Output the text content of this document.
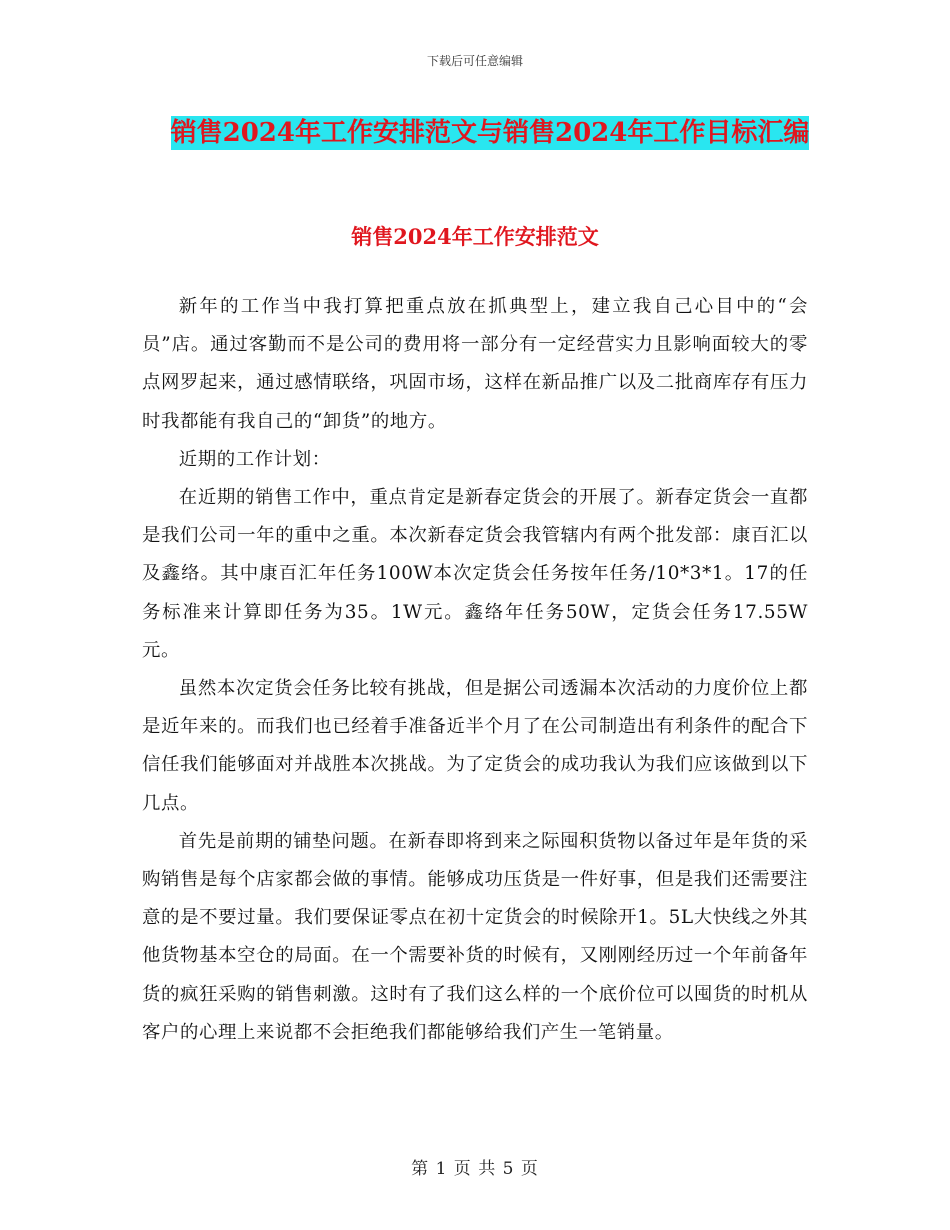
下载后可任意编辑
销售2024年工作安排范文与销售2024年工作目标汇编
销售2024年工作安排范文

新年的工作当中我打算把重点放在抓典型上，建立我自己心目中的“会员”店。通过客勤而不是公司的费用将一部分有一定经营实力且影响面较大的零点网罗起来，通过感情联络，巩固市场，这样在新品推广以及二批商库存有压力时我都能有我自己的“卸货”的地方。

近期的工作计划：

在近期的销售工作中，重点肯定是新春定货会的开展了。新春定货会一直都是我们公司一年的重中之重。本次新春定货会我管辖内有两个批发部：康百汇以及鑫络。其中康百汇年任务100W本次定货会任务按年任务/10*3*1。17的任务标准来计算即任务为35。1W元。鑫络年任务50W，定货会任务17.55W元。

虽然本次定货会任务比较有挑战，但是据公司透漏本次活动的力度价位上都是近年来的。而我们也已经着手准备近半个月了在公司制造出有利条件的配合下信任我们能够面对并战胜本次挑战。为了定货会的成功我认为我们应该做到以下几点。

首先是前期的铺垫问题。在新春即将到来之际囤积货物以备过年是年货的采购销售是每个店家都会做的事情。能够成功压货是一件好事，但是我们还需要注意的是不要过量。我们要保证零点在初十定货会的时候除开1。5L大快线之外其他货物基本空仓的局面。在一个需要补货的时候有，又刚刚经历过一个年前备年货的疯狂采购的销售刺激。这时有了我们这么样的一个底价位可以囤货的时机从客户的心理上来说都不会拒绝我们都能够给我们产生一笔销量。

第 1 页 共 5 页
